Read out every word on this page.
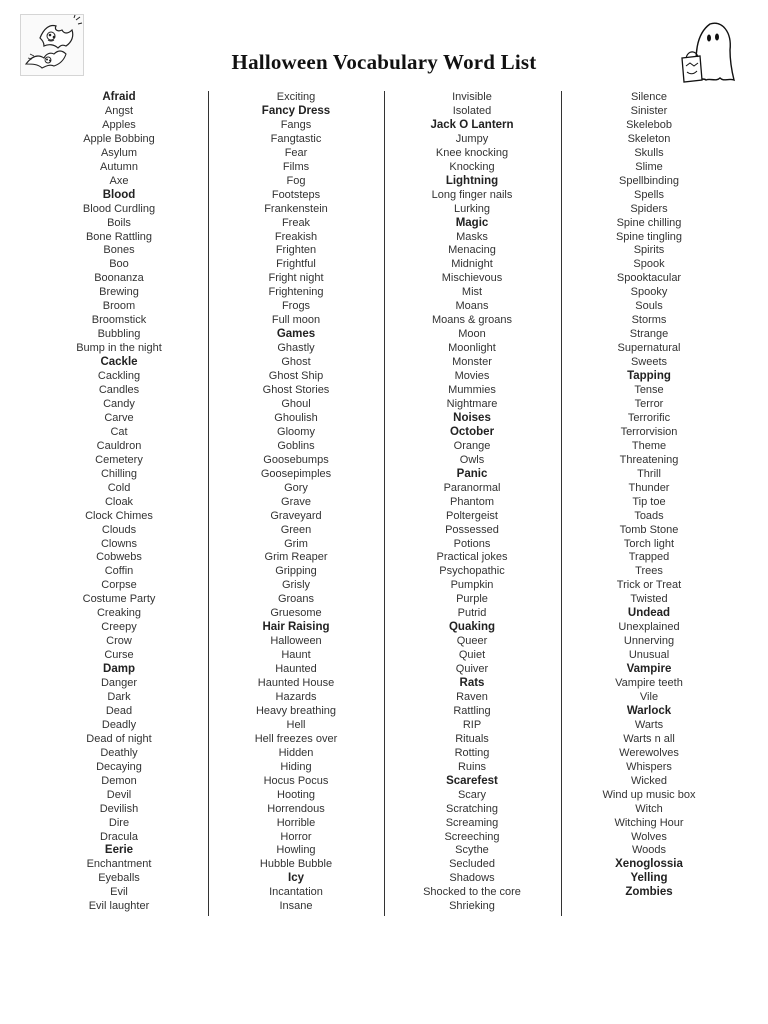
Halloween Vocabulary Word List
Afraid
Angst
Apples
Apple Bobbing
Asylum
Autumn
Axe
Blood
Blood Curdling
Boils
Bone Rattling
Bones
Boo
Boonanza
Brewing
Broom
Broomstick
Bubbling
Bump in the night
Cackle
Cackling
Candles
Candy
Carve
Cat
Cauldron
Cemetery
Chilling
Cold
Cloak
Clock Chimes
Clouds
Clowns
Cobwebs
Coffin
Corpse
Costume Party
Creaking
Creepy
Crow
Curse
Damp
Danger
Dark
Dead
Deadly
Dead of night
Deathly
Decaying
Demon
Devil
Devilish
Dire
Dracula
Eerie
Enchantment
Eyeballs
Evil
Evil laughter
Exciting
Fancy Dress
Fangs
Fangtastic
Fear
Films
Fog
Footsteps
Frankenstein
Freak
Freakish
Frighten
Frightful
Fright night
Frightening
Frogs
Full moon
Games
Ghastly
Ghost
Ghost Ship
Ghost Stories
Ghoul
Ghoulish
Gloomy
Goblins
Goosebumps
Goosepimples
Gory
Grave
Graveyard
Green
Grim
Grim Reaper
Gripping
Grisly
Groans
Gruesome
Hair Raising
Halloween
Haunt
Haunted
Haunted House
Hazards
Heavy breathing
Hell
Hell freezes over
Hidden
Hiding
Hocus Pocus
Hooting
Horrendous
Horrible
Horror
Howling
Hubble Bubble
Icy
Incantation
Insane
Invisible
Isolated
Jack O Lantern
Jumpy
Knee knocking
Knocking
Lightning
Long finger nails
Lurking
Magic
Masks
Menacing
Midnight
Mischievous
Mist
Moans
Moans & groans
Moon
Moonlight
Monster
Movies
Mummies
Nightmare
Noises
October
Orange
Owls
Panic
Paranormal
Phantom
Poltergeist
Possessed
Potions
Practical jokes
Psychopathic
Pumpkin
Purple
Putrid
Quaking
Queer
Quiet
Quiver
Rats
Raven
Rattling
RIP
Rituals
Rotting
Ruins
Scarefest
Scary
Scratching
Screaming
Screeching
Scythe
Secluded
Shadows
Shocked to the core
Shrieking
Silence
Sinister
Skelebob
Skeleton
Skulls
Slime
Spellbinding
Spells
Spiders
Spine chilling
Spine tingling
Spirits
Spook
Spooktacular
Spooky
Souls
Storms
Strange
Supernatural
Sweets
Tapping
Tense
Terror
Terrorific
Terrorvision
Theme
Threatening
Thrill
Thunder
Tip toe
Toads
Tomb Stone
Torch light
Trapped
Trees
Trick or Treat
Twisted
Undead
Unexplained
Unnerving
Unusual
Vampire
Vampire teeth
Vile
Warlock
Warts
Warts n all
Werewolves
Whispers
Wicked
Wind up music box
Witch
Witching Hour
Wolves
Woods
Xenoglossia
Yelling
Zombies
